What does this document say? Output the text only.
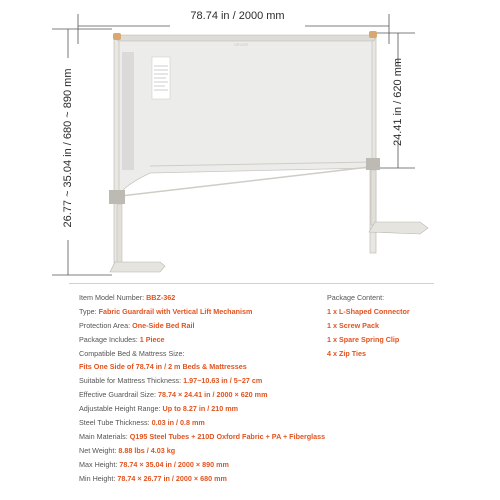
VEVOR
78.74 in / 2000 mm
24.41 in / 620 mm
26.77 ~ 35.04 in / 680 ~ 890 mm
Item Model Number: BBZ-362
Type: Fabric Guardrail with Vertical Lift Mechanism
Protection Area: One-Side Bed Rail
Package Includes: 1 Piece
Compatible Bed & Mattress Size:
Fits One Side of 78.74 in / 2 m Beds & Mattresses
Suitable for Mattress Thickness: 1.97~10.63 in / 5~27 cm
Effective Guardrail Size: 78.74 × 24.41 in / 2000 × 620 mm
Adjustable Height Range: Up to 8.27 in / 210 mm
Steel Tube Thickness: 0.03 in / 0.8 mm
Main Materials: Q195 Steel Tubes + 210D Oxford Fabric + PA + Fiberglass
Net Weight: 8.88 lbs / 4.03 kg
Max Height: 78.74 × 35.04 in / 2000 × 890 mm
Min Height: 78.74 × 26.77 in / 2000 × 680 mm
Package Content:
1 x L-Shaped Connector
1 x Screw Pack
1 x Spare Spring Clip
4 x Zip Ties
